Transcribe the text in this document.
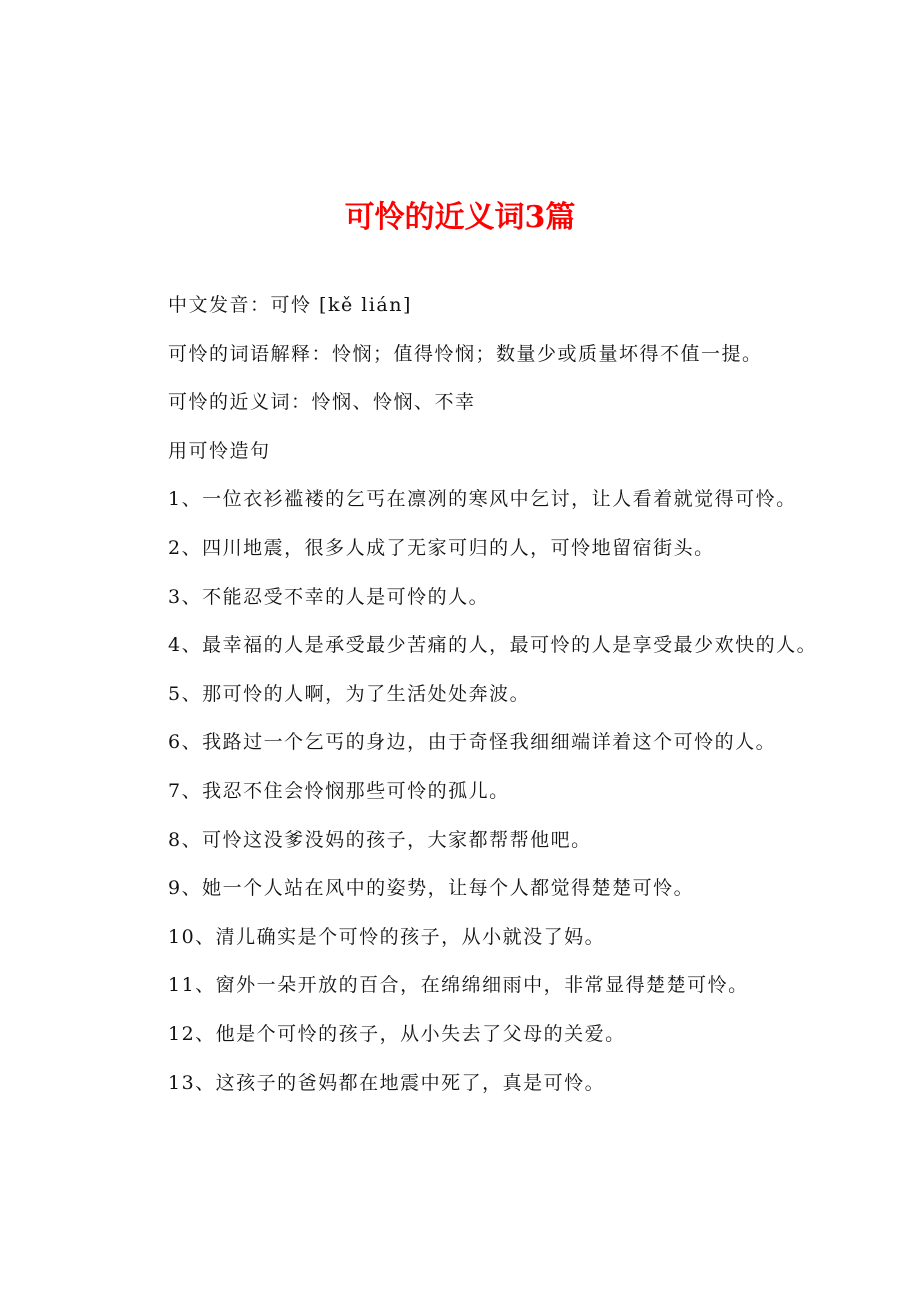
可怜的近义词3篇

中文发音：可怜 [kě lián]

可怜的词语解释：怜悯；值得怜悯；数量少或质量坏得不值一提。

可怜的近义词：怜悯、怜悯、不幸

用可怜造句

1、一位衣衫褴褛的乞丐在凛冽的寒风中乞讨，让人看着就觉得可怜。

2、四川地震，很多人成了无家可归的人，可怜地留宿街头。

3、不能忍受不幸的人是可怜的人。

4、最幸福的人是承受最少苦痛的人，最可怜的人是享受最少欢快的人。

5、那可怜的人啊，为了生活处处奔波。

6、我路过一个乞丐的身边，由于奇怪我细细端详着这个可怜的人。

7、我忍不住会怜悯那些可怜的孤儿。

8、可怜这没爹没妈的孩子，大家都帮帮他吧。

9、她一个人站在风中的姿势，让每个人都觉得楚楚可怜。

10、清儿确实是个可怜的孩子，从小就没了妈。

11、窗外一朵开放的百合，在绵绵细雨中，非常显得楚楚可怜。

12、他是个可怜的孩子，从小失去了父母的关爱。

13、这孩子的爸妈都在地震中死了，真是可怜。
